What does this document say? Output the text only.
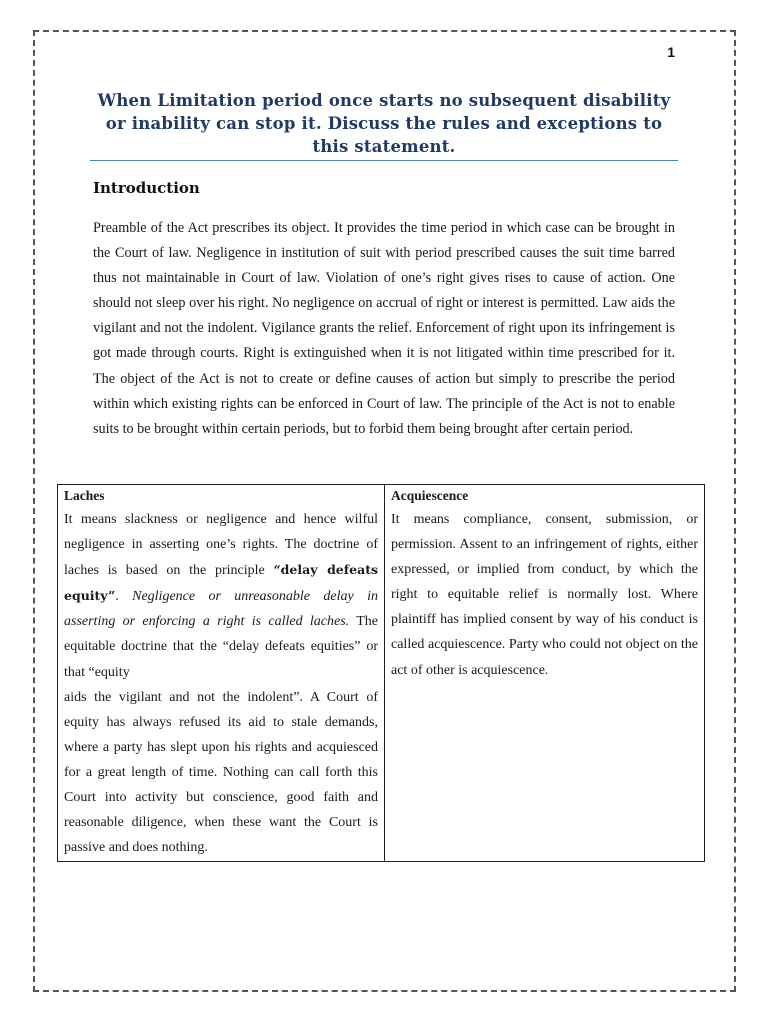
1
When Limitation period once starts no subsequent disability or inability can stop it. Discuss the rules and exceptions to this statement.
Introduction

Preamble of the Act prescribes its object. It provides the time period in which case can be brought in the Court of law. Negligence in institution of suit with period prescribed causes the suit time barred thus not maintainable in Court of law. Violation of one’s right gives rises to cause of action. One should not sleep over his right. No negligence on accrual of right or interest is permitted. Law aids the vigilant and not the indolent. Vigilance grants the relief. Enforcement of right upon its infringement is got made through courts. Right is extinguished when it is not litigated within time prescribed for it. The object of the Act is not to create or define causes of action but simply to prescribe the period within which existing rights can be enforced in Court of law. The principle of the Act is not to enable suits to be brought within certain periods, but to forbid them being brought after certain period.

Laches

It means slackness or negligence and hence wilful negligence in asserting one’s rights. The doctrine of laches is based on the principle “delay defeats equity”. Negligence or unreasonable delay in asserting or enforcing a right is called laches. The equitable doctrine that the “delay defeats equities” or that “equity
aids the vigilant and not the indolent”. A Court of equity has always refused its aid to stale demands, where a party has slept upon his rights and acquiesced for a great length of time. Nothing can call forth this Court into activity but conscience, good faith and reasonable diligence, when these want the Court is passive and does nothing.

Acquiescence

It means compliance, consent, submission, or permission. Assent to an infringement of rights, either expressed, or implied from conduct, by which the right to equitable relief is normally lost. Where plaintiff has implied consent by way of his conduct is called acquiescence. Party who could not object on the act of other is acquiescence.
